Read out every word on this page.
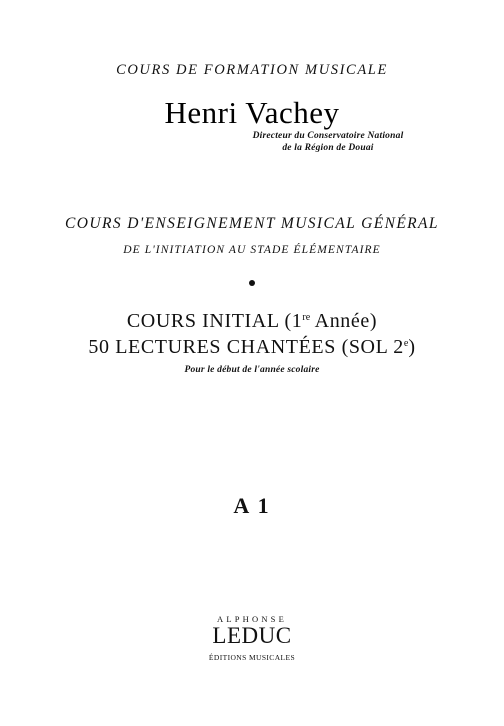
COURS DE FORMATION MUSICALE
Henri Vachey
Directeur du Conservatoire National
de la Région de Douai
COURS D'ENSEIGNEMENT MUSICAL GÉNÉRAL
DE L'INITIATION AU STADE ÉLÉMENTAIRE
COURS INITIAL (1re Année)
50 LECTURES CHANTÉES (SOL 2e)
Pour le début de l'année scolaire
A 1
ALPHONSE
LEDUC
ÉDITIONS MUSICALES
